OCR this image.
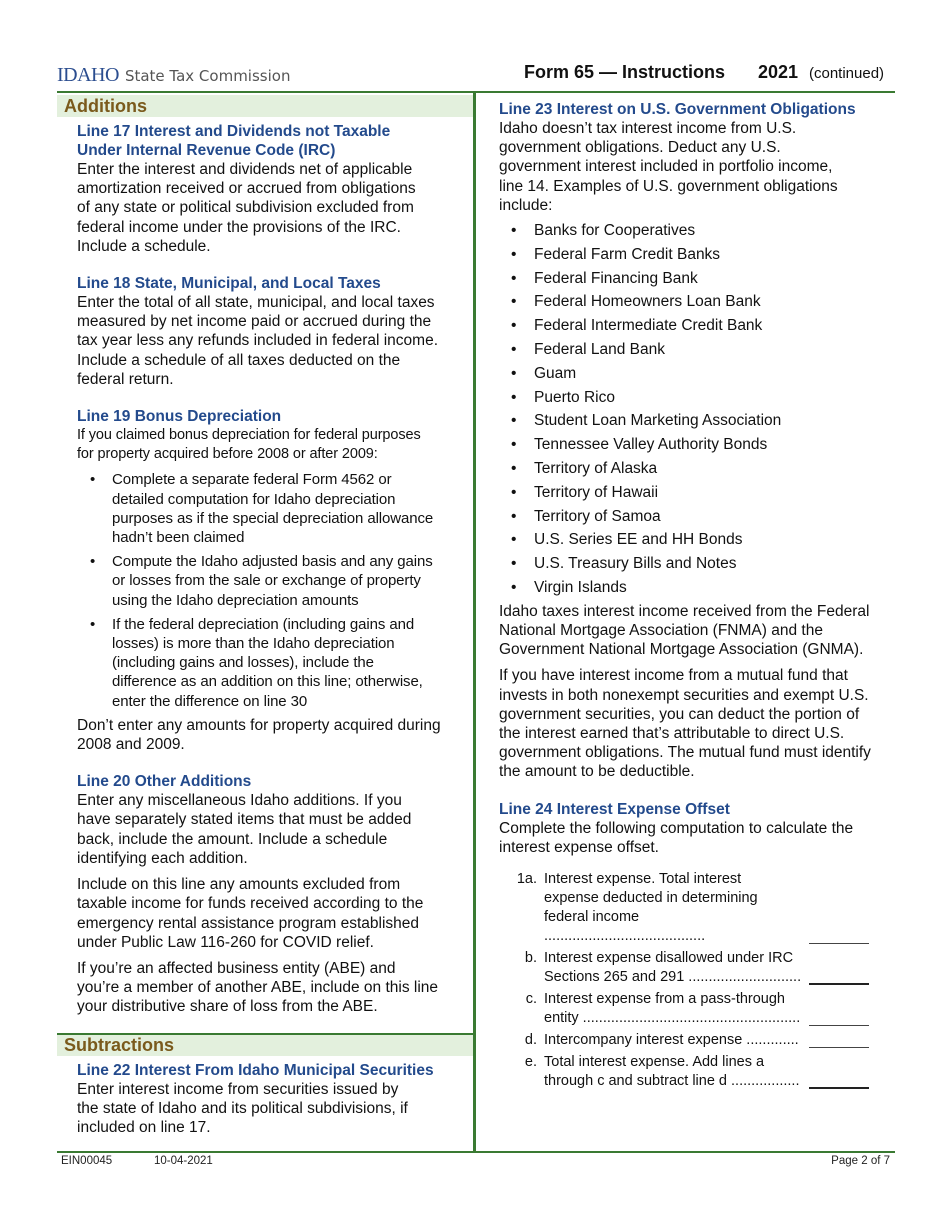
IDAHO State Tax Commission	Form 65 — Instructions 2021 (continued)
Additions

Line 17 Interest and Dividends not Taxable
Under Internal Revenue Code (IRC)

Enter the interest and dividends net of applicable
amortization received or accrued from obligations
of any state or political subdivision excluded from
federal income under the provisions of the IRC.
Include a schedule.

Line 18 State, Municipal, and Local Taxes

Enter the total of all state, municipal, and local taxes
measured by net income paid or accrued during the
tax year less any refunds included in federal income.
Include a schedule of all taxes deducted on the
federal return.

Line 19 Bonus Depreciation

If you claimed bonus depreciation for federal purposes
for property acquired before 2008 or after 2009:

• Complete a separate federal Form 4562 or
detailed computation for Idaho depreciation
purposes as if the special depreciation allowance
hadn’t been claimed
• Compute the Idaho adjusted basis and any gains
or losses from the sale or exchange of property
using the Idaho depreciation amounts
• If the federal depreciation (including gains and
losses) is more than the Idaho depreciation
(including gains and losses), include the
difference as an addition on this line; otherwise,
enter the difference on line 30

Don’t enter any amounts for property acquired during
2008 and 2009.

Line 20 Other Additions

Enter any miscellaneous Idaho additions. If you
have separately stated items that must be added
back, include the amount. Include a schedule
identifying each addition.

Include on this line any amounts excluded from
taxable income for funds received according to the
emergency rental assistance program established
under Public Law 116-260 for COVID relief.

If you’re an affected business entity (ABE) and
you’re a member of another ABE, include on this line
your distributive share of loss from the ABE.

Subtractions

Line 22 Interest From Idaho Municipal Securities

Enter interest income from securities issued by
the state of Idaho and its political subdivisions, if
included on line 17.

Line 23 Interest on U.S. Government Obligations

Idaho doesn’t tax interest income from U.S.
government obligations. Deduct any U.S.
government interest included in portfolio income,
line 14. Examples of U.S. government obligations
include:

• Banks for Cooperatives
• Federal Farm Credit Banks
• Federal Financing Bank
• Federal Homeowners Loan Bank
• Federal Intermediate Credit Bank
• Federal Land Bank
• Guam
• Puerto Rico
• Student Loan Marketing Association
• Tennessee Valley Authority Bonds
• Territory of Alaska
• Territory of Hawaii
• Territory of Samoa
• U.S. Series EE and HH Bonds
• U.S. Treasury Bills and Notes
• Virgin Islands

Idaho taxes interest income received from the Federal
National Mortgage Association (FNMA) and the
Government National Mortgage Association (GNMA).

If you have interest income from a mutual fund that
invests in both nonexempt securities and exempt U.S.
government securities, you can deduct the portion of
the interest earned that’s attributable to direct U.S.
government obligations. The mutual fund must identify
the amount to be deductible.

Line 24 Interest Expense Offset

Complete the following computation to calculate the
interest expense offset.

1a. Interest expense. Total interest
expense deducted in determining
federal income ........................................
b. Interest expense disallowed under IRC
Sections 265 and 291 ............................
c. Interest expense from a pass-through
entity ......................................................
d. Intercompany interest expense .............
e. Total interest expense. Add lines a
through c and subtract line d .................
EIN00045	10-04-2021	Page 2 of 7
